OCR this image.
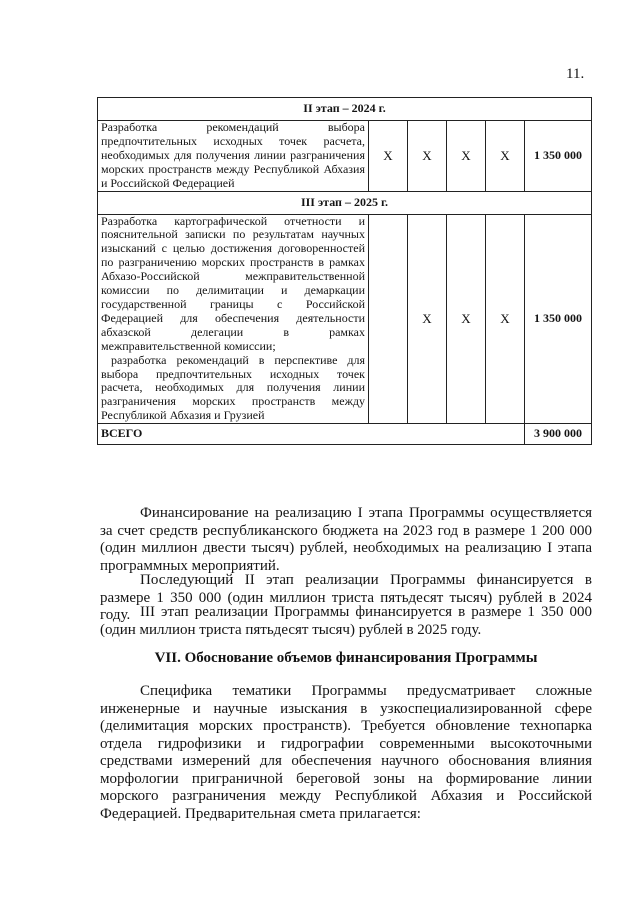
11.
II этап – 2024 г.					

Разработка рекомендаций выбора предпочтительных исходных точек расчета, необходимых для получения линии разграничения морских пространств между Республикой Абхазия и Российской Федерацией	X	X	X	X	1 350 000
III этап – 2025 г.					

Разработка картографической отчетности и пояснительной записки по результатам научных изысканий с целью достижения договоренностей по разграничению морских пространств в рамках Абхазо-Российской межправительственной комиссии по делимитации и демаркации государственной границы с Российской Федерацией для обеспечения деятельности абхазской делегации в рамках межправительственной комиссии;
разработка рекомендаций в перспективе для выбора предпочтительных исходных точек расчета, необходимых для получения линии разграничения морских пространств между Республикой Абхазия и Грузией		X	X	X	1 350 000
ВСЕГО					3 900 000

Финансирование на реализацию I этапа Программы осуществляется за счет средств республиканского бюджета на 2023 год в размере 1 200 000 (один миллион двести тысяч) рублей, необходимых на реализацию I этапа программных мероприятий.

Последующий II этап реализации Программы финансируется в размере 1 350 000 (один миллион триста пятьдесят тысяч) рублей в 2024 году. III этап реализации Программы финансируется в размере 1 350 000 (один миллион триста пятьдесят тысяч) рублей в 2025 году.

VII. Обоснование объемов финансирования Программы

Специфика тематики Программы предусматривает сложные инженерные и научные изыскания в узкоспециализированной сфере (делимитация морских пространств). Требуется обновление технопарка отдела гидрофизики и гидрографии современными высокоточными средствами измерений для обеспечения научного обоснования влияния морфологии приграничной береговой зоны на формирование линии морского разграничения между Республикой Абхазия и Российской Федерацией. Предварительная смета прилагается:
